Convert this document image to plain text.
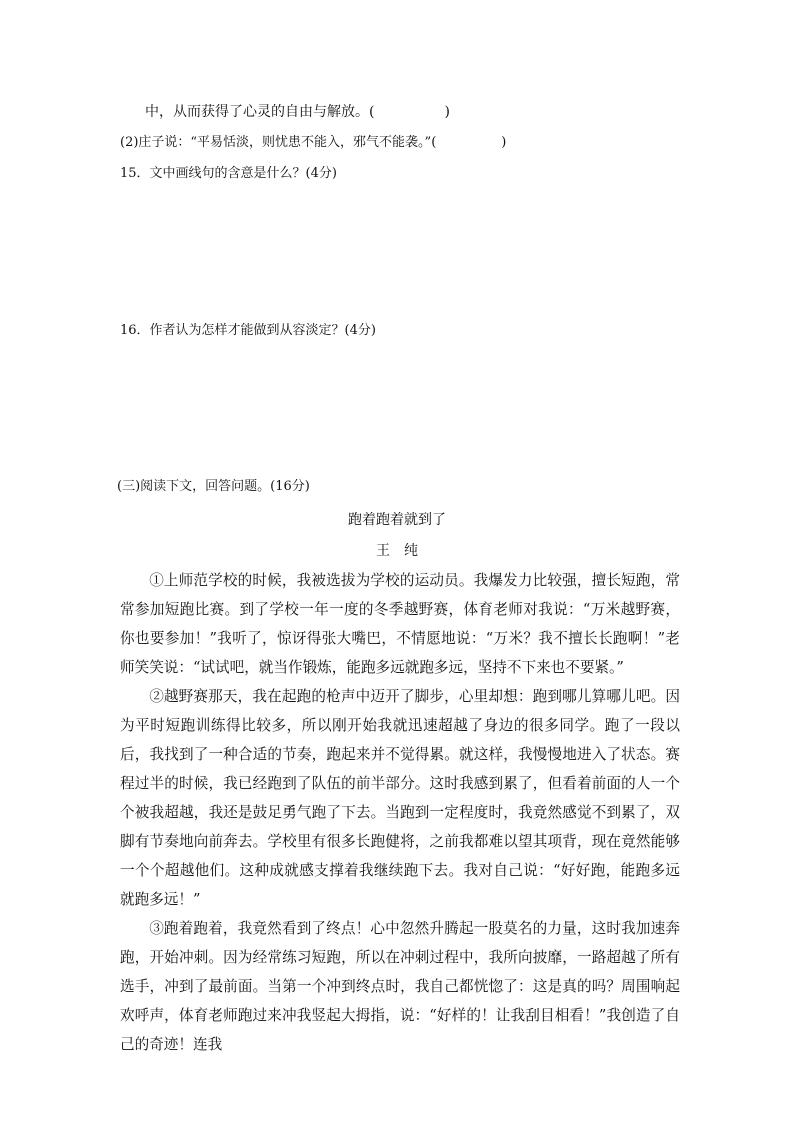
中，从而获得了心灵的自由与解放。(　　　　　)
(2)庄子说：“平易恬淡，则忧患不能入，邪气不能袭。”(　　　　　)
15．文中画线句的含意是什么？(4分)
16．作者认为怎样才能做到从容淡定？(4分)
(三)阅读下文，回答问题。(16分)
跑着跑着就到了
王　纯

①上师范学校的时候，我被选拔为学校的运动员。我爆发力比较强，擅长短跑，常常参加短跑比赛。到了学校一年一度的冬季越野赛，体育老师对我说：“万米越野赛，你也要参加！”我听了，惊讶得张大嘴巴，不情愿地说：“万米？我不擅长长跑啊！”老师笑笑说：“试试吧，就当作锻炼，能跑多远就跑多远，坚持不下来也不要紧。”

②越野赛那天，我在起跑的枪声中迈开了脚步，心里却想：跑到哪儿算哪儿吧。因为平时短跑训练得比较多，所以刚开始我就迅速超越了身边的很多同学。跑了一段以后，我找到了一种合适的节奏，跑起来并不觉得累。就这样，我慢慢地进入了状态。赛程过半的时候，我已经跑到了队伍的前半部分。这时我感到累了，但看着前面的人一个个被我超越，我还是鼓足勇气跑了下去。当跑到一定程度时，我竟然感觉不到累了，双脚有节奏地向前奔去。学校里有很多长跑健将，之前我都难以望其项背，现在竟然能够一个个超越他们。这种成就感支撑着我继续跑下去。我对自己说：“好好跑，能跑多远就跑多远！”

③跑着跑着，我竟然看到了终点！心中忽然升腾起一股莫名的力量，这时我加速奔跑，开始冲刺。因为经常练习短跑，所以在冲刺过程中，我所向披靡，一路超越了所有选手，冲到了最前面。当第一个冲到终点时，我自己都恍惚了：这是真的吗？周围响起欢呼声，体育老师跑过来冲我竖起大拇指，说：“好样的！让我刮目相看！”我创造了自己的奇迹！连我
